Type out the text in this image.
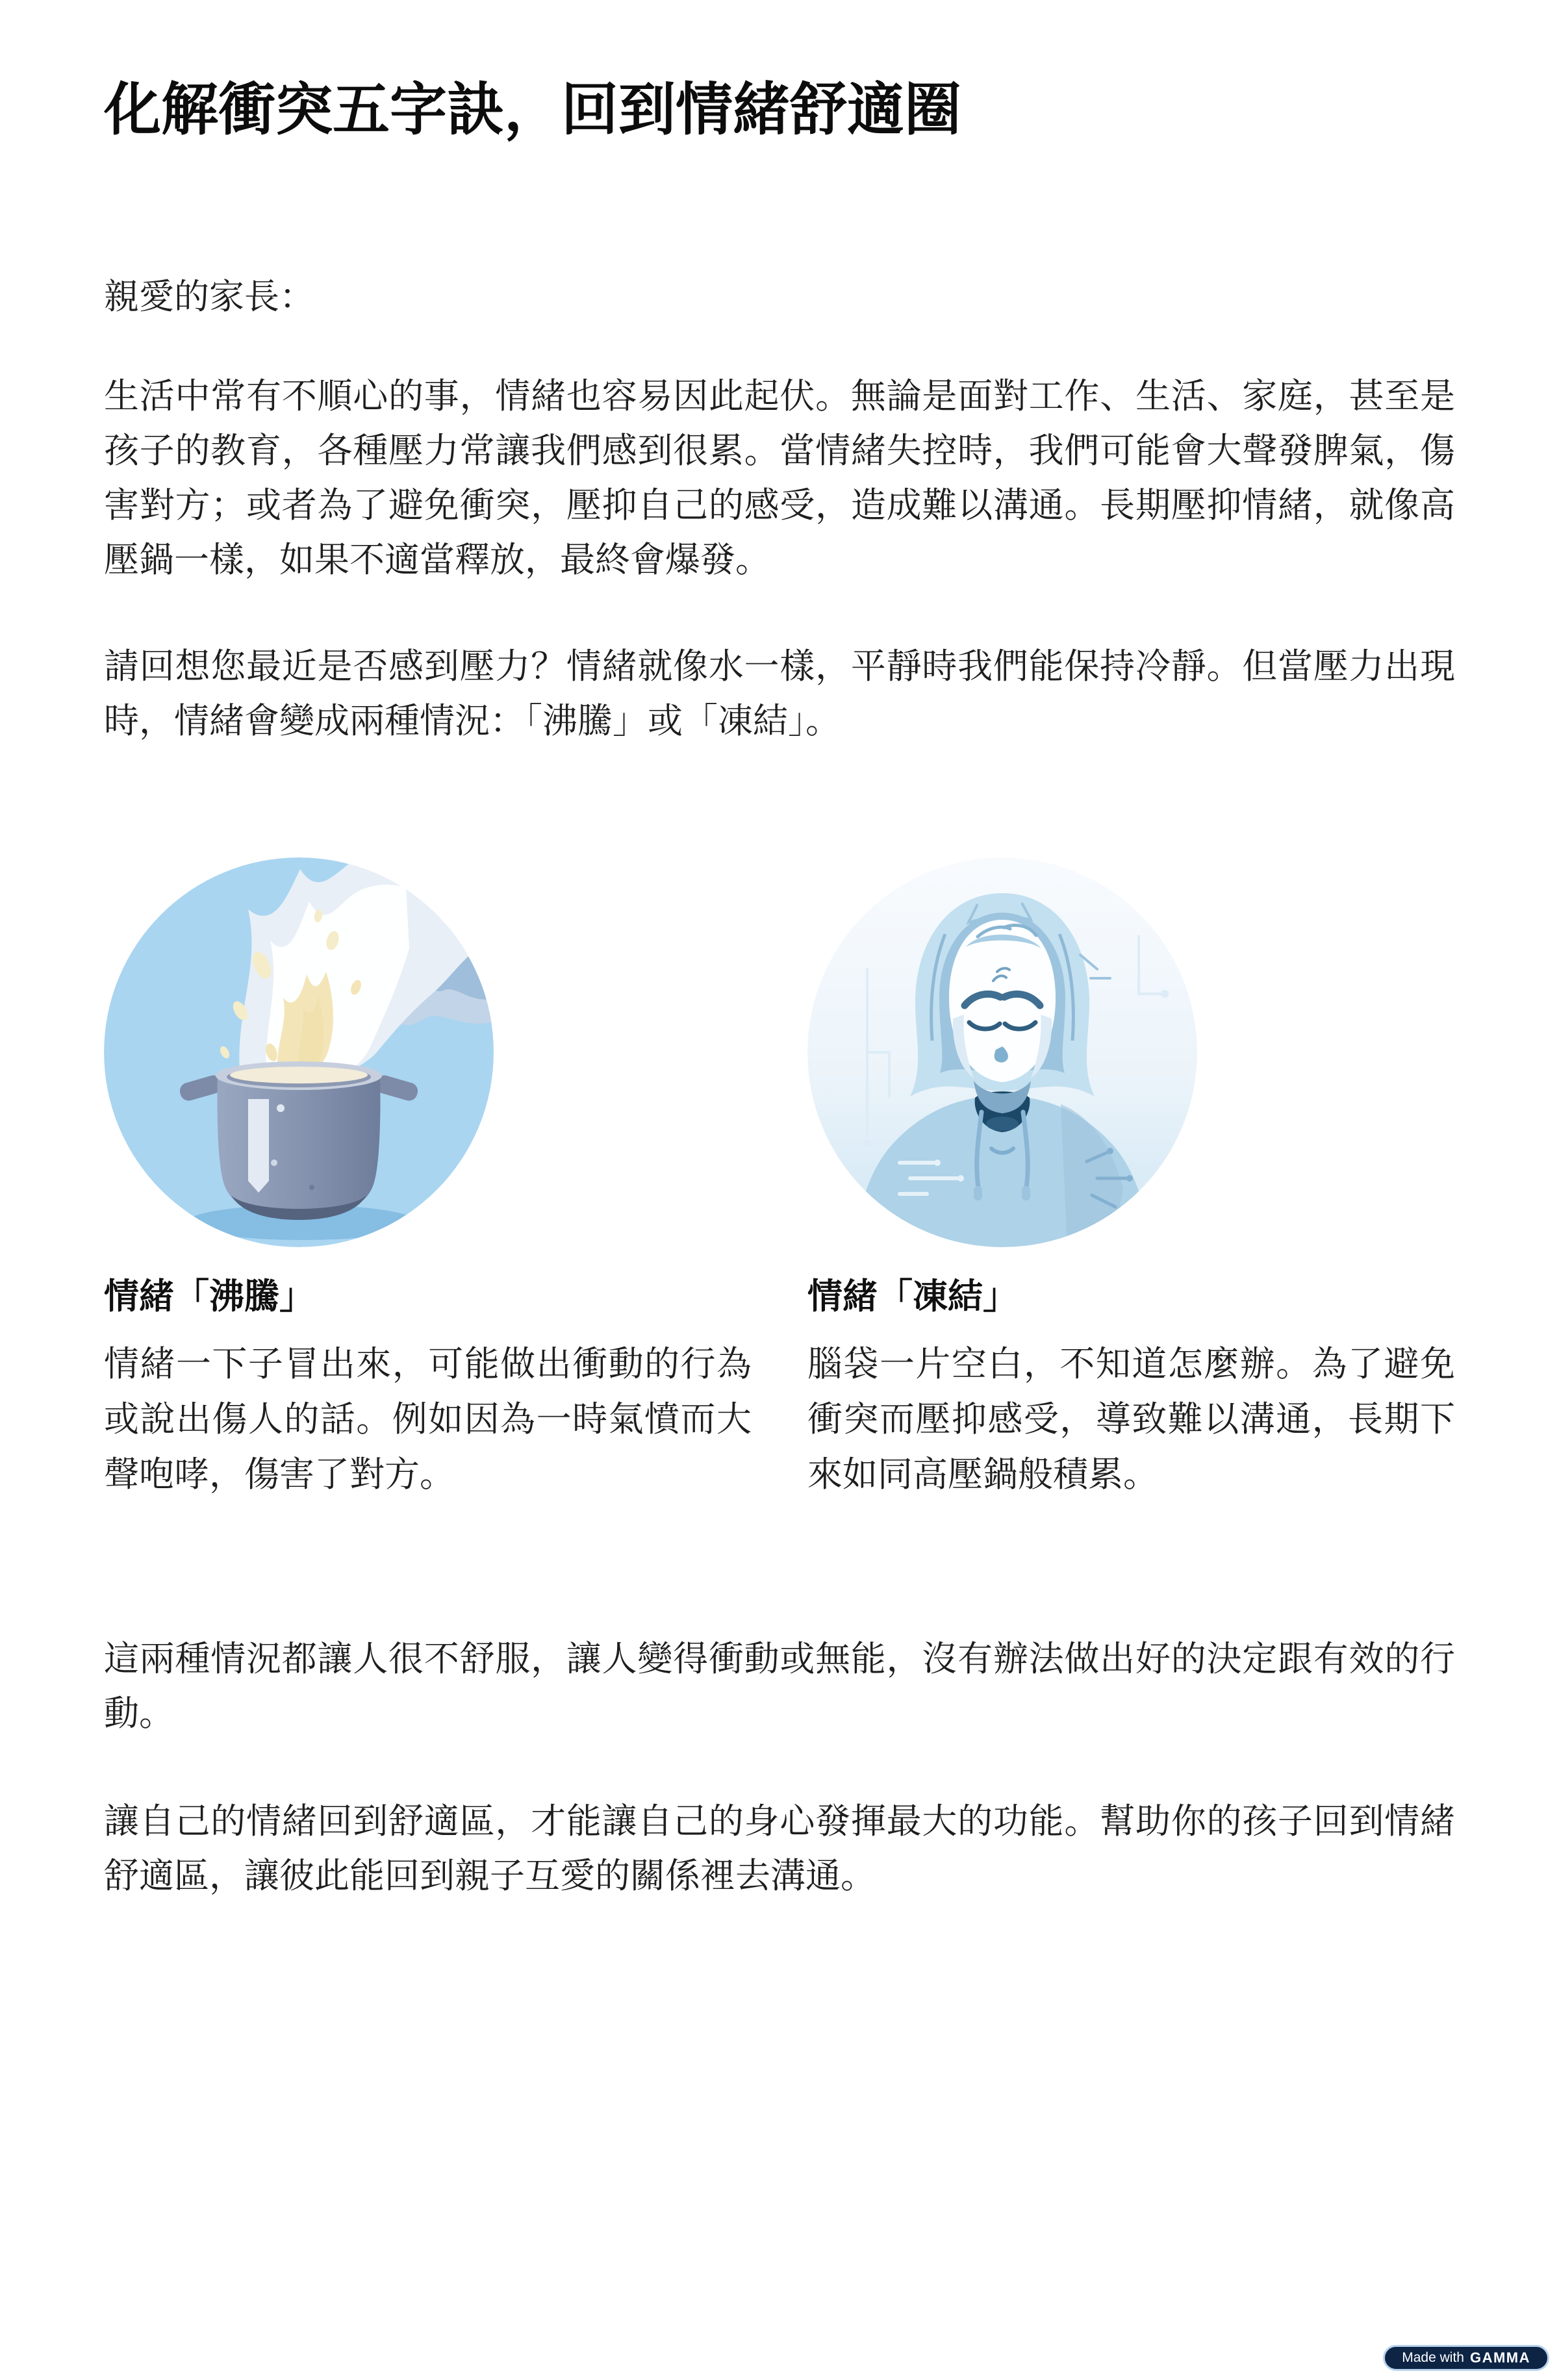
化解衝突五字訣，回到情緒舒適圈

親愛的家長：

生活中常有不順心的事，情緒也容易因此起伏。無論是面對工作、生活、家庭，甚至是孩子的教育，各種壓力常讓我們感到很累。當情緒失控時，我們可能會大聲發脾氣，傷害對方；或者為了避免衝突，壓抑自己的感受，造成難以溝通。長期壓抑情緒，就像高壓鍋一樣，如果不適當釋放，最終會爆發。

請回想您最近是否感到壓力？情緒就像水一樣，平靜時我們能保持冷靜。但當壓力出現時，情緒會變成兩種情況：「沸騰」或「凍結」。

情緒「沸騰」

情緒一下子冒出來，可能做出衝動的行為或說出傷人的話。例如因為一時氣憤而大聲咆哮，傷害了對方。

情緒「凍結」

腦袋一片空白，不知道怎麼辦。為了避免衝突而壓抑感受，導致難以溝通，長期下來如同高壓鍋般積累。

這兩種情況都讓人很不舒服，讓人變得衝動或無能，沒有辦法做出好的決定跟有效的行動。

讓自己的情緒回到舒適區，才能讓自己的身心發揮最大的功能。幫助你的孩子回到情緒舒適區，讓彼此能回到親子互愛的關係裡去溝通。

Made with GAMMA
